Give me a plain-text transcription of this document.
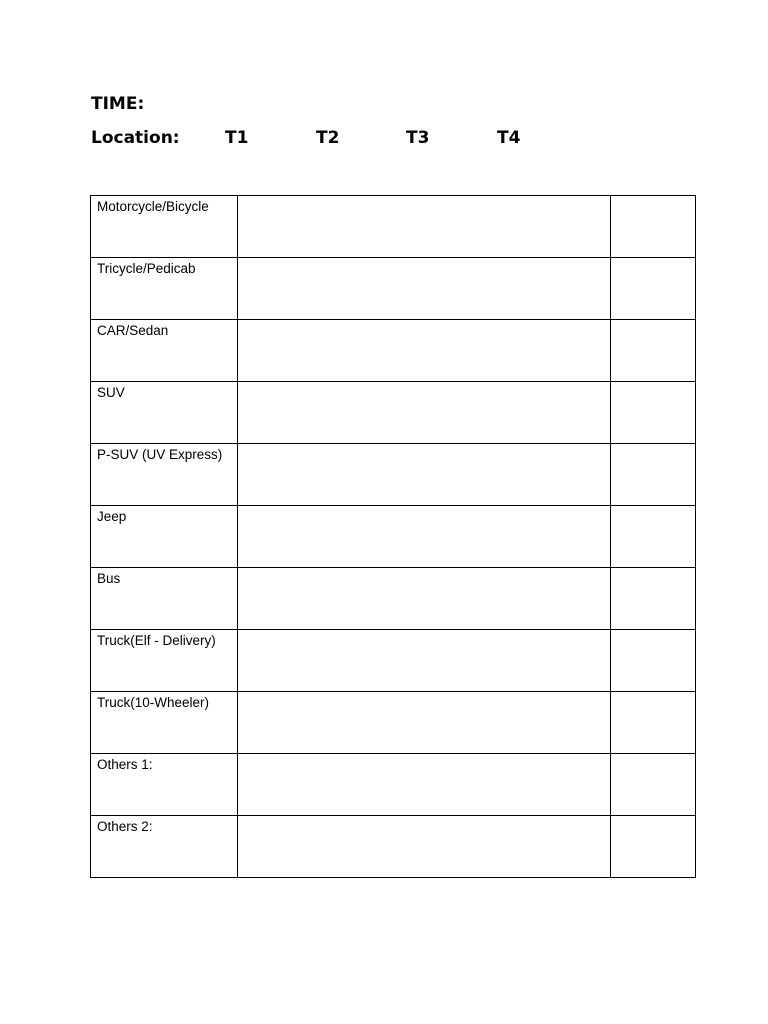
TIME:
Location:	T1	T2	T3	T4
Motorcycle/Bicycle		

Tricycle/Pedicab		

CAR/Sedan		

SUV		

P-SUV (UV Express)		

Jeep		

Bus		

Truck(Elf - Delivery)		

Truck(10-Wheeler)		

Others 1:		

Others 2:		
